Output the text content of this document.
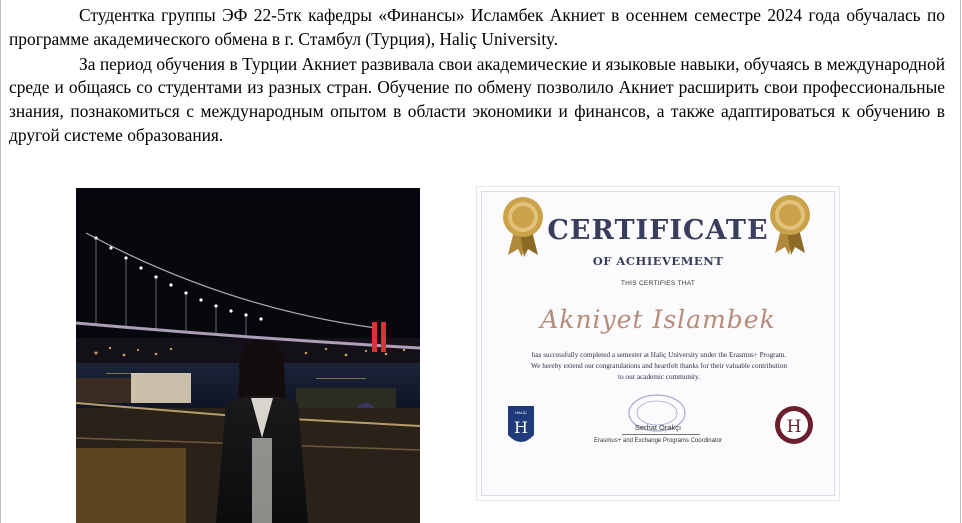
Студентка группы ЭФ 22-5тк кафедры «Финансы» Исламбек Акниет в осеннем семестре 2024 года обучалась по программе академического обмена в г. Стамбул (Турция), Haliç University.

За период обучения в Турции Акниет развивала свои академические и языковые навыки, обучаясь в международной среде и общаясь со студентами из разных стран. Обучение по обмену позволило Акниет расширить свои профессиональные знания, познакомиться с международным опытом в области экономики и финансов, а также адаптироваться к обучению в другой системе образования.

CERTIFICATE
OF ACHIEVEMENT
THIS CERTIFIES THAT
Akniyet Islambek
has successfully completed a semester at Haliç University under the Erasmus+ Program.
We hereby extend our congratulations and heartfelt thanks for their valuable contribution
to our academic community.
Serhat Orakçı
Erasmus+ and Exchange Programs Coordinator
HALİÇ
H	H
